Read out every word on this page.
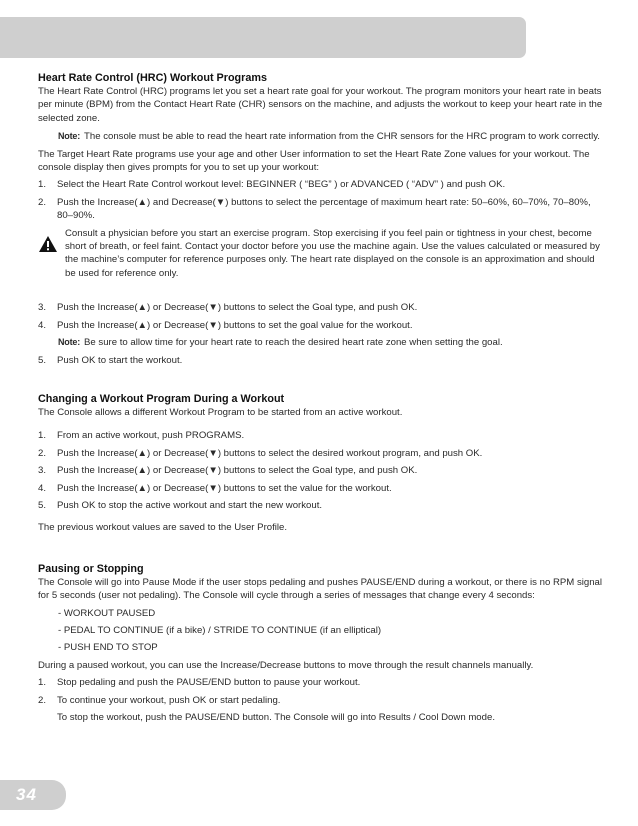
Heart Rate Control (HRC) Workout Programs

The Heart Rate Control (HRC) programs let you set a heart rate goal for your workout. The program monitors your heart rate in beats per minute (BPM) from the Contact Heart Rate (CHR) sensors on the machine, and adjusts the workout to keep your heart rate in the selected zone.

Note: The console must be able to read the heart rate information from the CHR sensors for the HRC program to work correctly.

The Target Heart Rate programs use your age and other User information to set the Heart Rate Zone values for your workout. The console display then gives prompts for you to set up your workout:

1. Select the Heart Rate Control workout level: BEGINNER ( “BEG” ) or ADVANCED ( “ADV” ) and push OK.
2. Push the Increase(▲) and Decrease(▼) buttons to select the percentage of maximum heart rate: 50–60%, 60–70%, 70–80%, 80–90%.

Consult a physician before you start an exercise program. Stop exercising if you feel pain or tightness in your chest, become short of breath, or feel faint. Contact your doctor before you use the machine again. Use the values calculated or measured by the machine’s computer for reference purposes only. The heart rate displayed on the console is an approximation and should be used for reference only.

3. Push the Increase(▲) or Decrease(▼) buttons to select the Goal type, and push OK.
4. Push the Increase(▲) or Decrease(▼) buttons to set the goal value for the workout.

Note: Be sure to allow time for your heart rate to reach the desired heart rate zone when setting the goal.

5. Push OK to start the workout.
Changing a Workout Program During a Workout

The Console allows a different Workout Program to be started from an active workout.

1. From an active workout, push PROGRAMS.
2. Push the Increase(▲) or Decrease(▼) buttons to select the desired workout program, and push OK.
3. Push the Increase(▲) or Decrease(▼) buttons to select the Goal type, and push OK.
4. Push the Increase(▲) or Decrease(▼) buttons to set the value for the workout.
5. Push OK to stop the active workout and start the new workout.

The previous workout values are saved to the User Profile.

Pausing or Stopping

The Console will go into Pause Mode if the user stops pedaling and pushes PAUSE/END during a workout, or there is no RPM signal for 5 seconds (user not pedaling). The Console will cycle through a series of messages that change every 4 seconds:

- WORKOUT PAUSED

- PEDAL TO CONTINUE (if a bike) / STRIDE TO CONTINUE (if an elliptical)

- PUSH END TO STOP

During a paused workout, you can use the Increase/Decrease buttons to move through the result channels manually.

1. Stop pedaling and push the PAUSE/END button to pause your workout.
2. To continue your workout, push OK or start pedaling.

To stop the workout, push the PAUSE/END button. The Console will go into Results / Cool Down mode.

34
